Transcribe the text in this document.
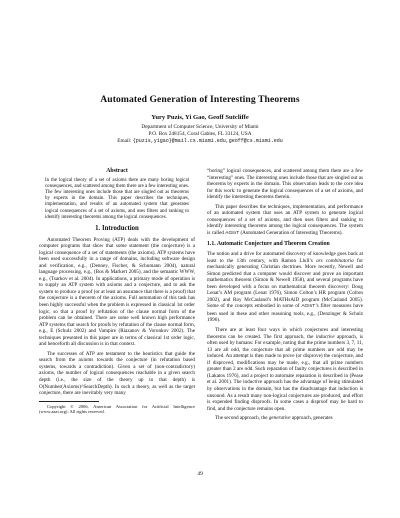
Automated Generation of Interesting Theorems
Yury Puzis, Yi Gao, Geoff Sutcliffe
Department of Computer Science, University of Miami
P.O. Box 248154, Coral Gables, FL 33124, USA
Email: {puzis,yigao}@mail.cs.miami.edu,geoff@cs.miami.edu
Abstract

In the logical theory of a set of axioms there are many boring logical consequences, and scattered among them there are a few interesting ones. The few interesting ones include those that are singled out as theorems by experts in the domain. This paper describes the techniques, implementation, and results of an automated system that generates logical consequences of a set of axioms, and uses filters and ranking to identify interesting theorems among the logical consequences.

1. Introduction

Automated Theorem Proving (ATP) deals with the development of computer programs that show that some statement (the conjecture) is a logical consequence of a set of statements (the axioms). ATP systems have been used successfully in a range of domains, including software design and verification, e.g., (Denney, Fischer, & Schumann 2004), natural language processing, e.g., (Bos & Markert 2005), and the semantic WWW, e.g., (Tsarkov et al. 2004). In applications, a primary mode of operation is to supply an ATP system with axioms and a conjecture, and to ask the system to produce a proof (or at least an assurance that there is a proof) that the conjecture is a theorem of the axioms. Full automation of this task has been highly successful when the problem is expressed in classical 1st order logic, so that a proof by refutation of the clause normal form of the problem can be obtained. There are some well known high performance ATP systems that search for proofs by refutation of the clause normal form, e.g., E (Schulz 2002) and Vampire (Riazanov & Voronkov 2002). The techniques presented in this paper are in terms of classical 1st order logic, and henceforth all discussion is in that context.

The successes of ATP are testament to the heuristics that guide the search from the axioms towards the conjecture (in refutation based systems, towards a contradiction). Given a set of (non-contradictory) axioms, the number of logical consequences reachable in a given search depth (i.e., the size of the theory up to that depth) is O(Number(Axioms)^SearchDepth). In such a theory, as well as the target conjecture, there are inevitably very many

Copyright © 2006, American Association for Artificial Intelligence (www.aaai.org). All rights reserved.

“boring” logical consequences, and scattered among them there are a few “interesting” ones. The interesting ones include those that are singled out as theorems by experts in the domain. This observation leads to the core idea for this work: to generate the logical consequences of a set of axioms, and identify the interesting theorems therein.

This paper describes the techniques, implementation, and performance of an automated system that uses an ATP system to generate logical consequences of a set of axioms, and then uses filters and ranking to identify interesting theorems among the logical consequences. The system is called AGInT (Automated Generation of Interesting Theorems).

1.1. Automatic Conjecture and Theorem Creation

The notion and a drive for automated discovery of knowledge goes back at least to the 13th century, with Ramon Llull’s ars combinatoria for mechanically generating Christian doctrines. More recently, Newell and Simon predicted that a computer would discover and prove an important mathematics theorem (Simon & Newell 1958), and several programs have been developed with a focus on mathematical theorem discovery: Doug Lenat’s AM program (Lenat 1976), Simon Colton’s HR program (Colton 2002), and Roy McCasland’s MATHsAiD program (McCasland 2005). Some of the concepts embodied in some of AGInT’s filter measures have been used in these and other reasoning tools, e.g., (Denzinger & Schulz 1996).

There are at least four ways in which conjectures and interesting theorems can be created. The first approach, the inductive approach, is often used by humans: For example, noting that the prime numbers 3, 7, 11, 13 are all odd, the conjecture that all prime numbers are odd may be induced. An attempt is then made to prove (or disprove) the conjecture, and if disproved, modifications may be made, e.g., that all prime numbers greater than 2 are odd. Such reparation of faulty conjectures is described in (Lakatos 1976), and a project to automate reparation is described in (Pease et al. 2001). The inductive approach has the advantage of being stimulated by observations in the domain, but has the disadvantage that induction is unsound. As a result many non-logical conjectures are produced, and effort is expended finding disproofs. In some cases a disproof may be hard to find, and the conjecture remains open.

The second approach, the generative approach, generates

49
